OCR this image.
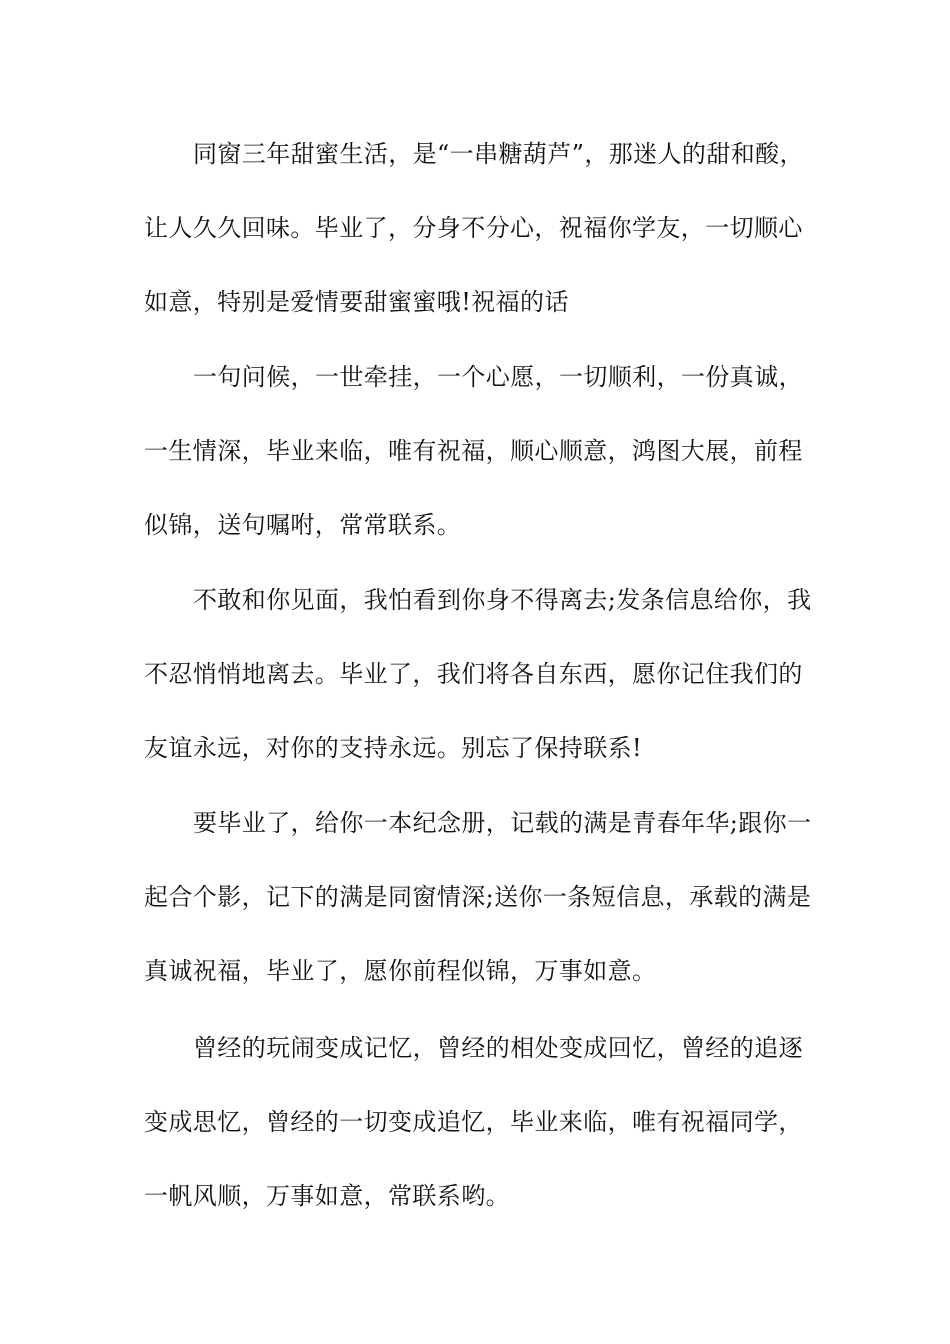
同窗三年甜蜜生活，是“一串糖葫芦”，那迷人的甜和酸，
让人久久回味。毕业了，分身不分心，祝福你学友，一切顺心
如意，特别是爱情要甜蜜蜜哦!祝福的话
一句问候，一世牵挂，一个心愿，一切顺利，一份真诚，
一生情深，毕业来临，唯有祝福，顺心顺意，鸿图大展，前程
似锦，送句嘱咐，常常联系。
不敢和你见面，我怕看到你身不得离去;发条信息给你，我
不忍悄悄地离去。毕业了，我们将各自东西，愿你记住我们的
友谊永远，对你的支持永远。别忘了保持联系!
要毕业了，给你一本纪念册，记载的满是青春年华;跟你一
起合个影，记下的满是同窗情深;送你一条短信息，承载的满是
真诚祝福，毕业了，愿你前程似锦，万事如意。
曾经的玩闹变成记忆，曾经的相处变成回忆，曾经的追逐
变成思忆，曾经的一切变成追忆，毕业来临，唯有祝福同学，
一帆风顺，万事如意，常联系哟。
